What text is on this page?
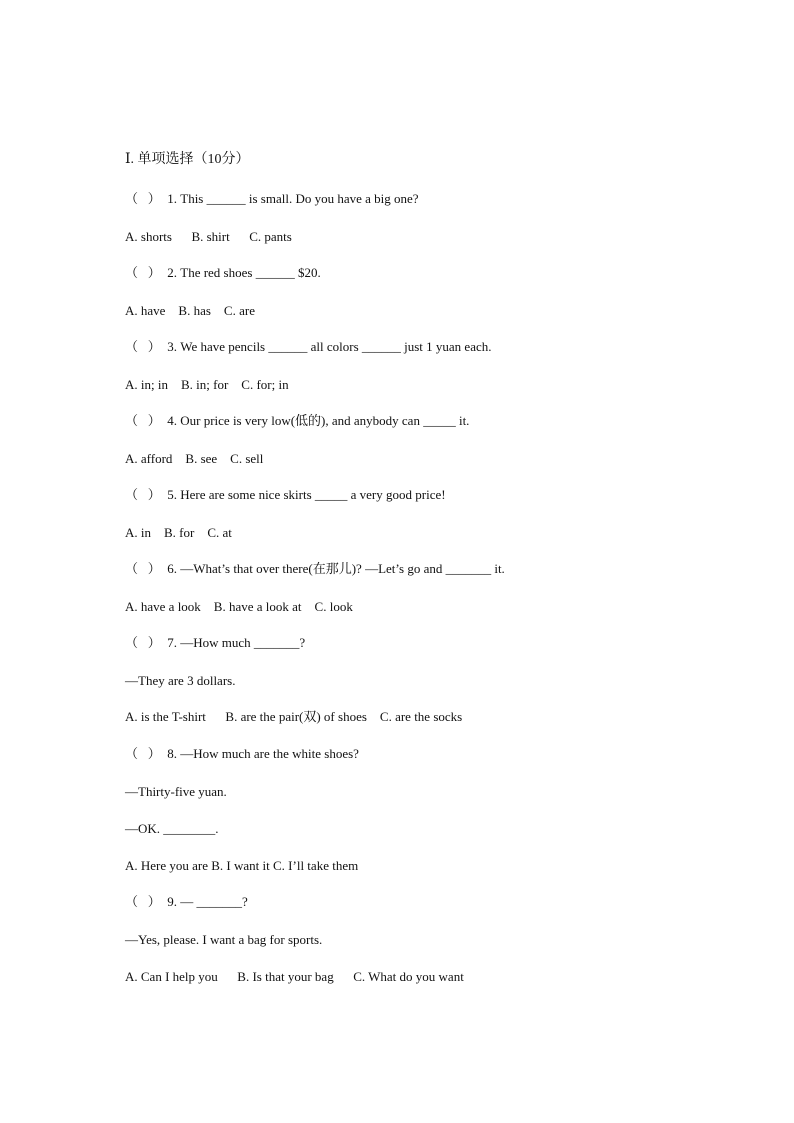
Ⅰ. 单项选择（10分）
（   ）  1. This ______ is small. Do you have a big one?
A. shorts      B. shirt      C. pants
（   ）  2. The red shoes ______ $20.
A. have    B. has    C. are
（   ）  3. We have pencils ______ all colors ______ just 1 yuan each.
A. in; in    B. in; for    C. for; in
（   ）  4. Our price is very low(低的), and anybody can _____ it.
A. afford    B. see    C. sell
（   ）  5. Here are some nice skirts _____ a very good price!
A. in    B. for    C. at
（   ）  6. —What’s that over there(在那儿)? —Let’s go and _______ it.
A. have a look    B. have a look at    C. look
（   ）  7. —How much _______?
—They are 3 dollars.
A. is the T-shirt      B. are the pair(双) of shoes    C. are the socks
（   ）  8. —How much are the white shoes?
—Thirty-five yuan.
—OK. ________.
A. Here you are B. I want it C. I’ll take them
（   ）  9. — _______?
—Yes, please. I want a bag for sports.
A. Can I help you      B. Is that your bag      C. What do you want
